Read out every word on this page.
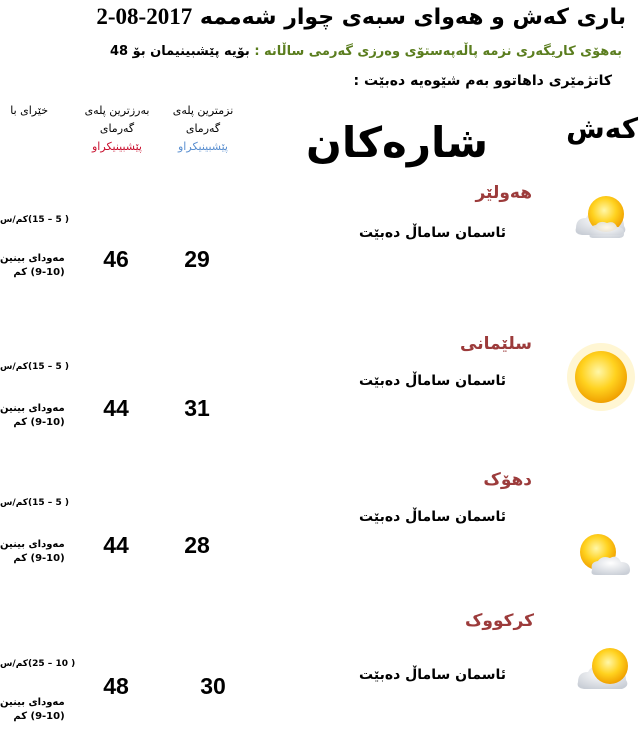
باری کەش و هەوای سبەی چوار شەممە 2017-08-2
بەهۆی کاریگەری نزمە پاڵەپەستۆی وەرزی گەرمی ساڵانە : بۆیە پێشبینیمان بۆ 48
کاتژمێری داهاتوو بەم شێوەیە دەبێت :
کەش
شارەکان
نزمترین پلەی
گەرمای
پێشبینیکراو
بەرزترین پلەی
گەرمای
پێشبینیکراو
خێرای با
هەولێر
ئاسمان ساماڵ دەبێت
29
46
( 5 – 15)کم/س
مەودای بینین
(9-10) کم
سلێمانی
ئاسمان ساماڵ دەبێت
31
44
( 5 – 15)کم/س
مەودای بینین
(9-10) کم
دهۆک
ئاسمان ساماڵ دەبێت
28
44
( 5 – 15)کم/س
مەودای بینین
(9-10) کم
کرکووک
ئاسمان ساماڵ دەبێت
30
48
( 10 – 25)کم/س
مەودای بینین
(9-10) کم
